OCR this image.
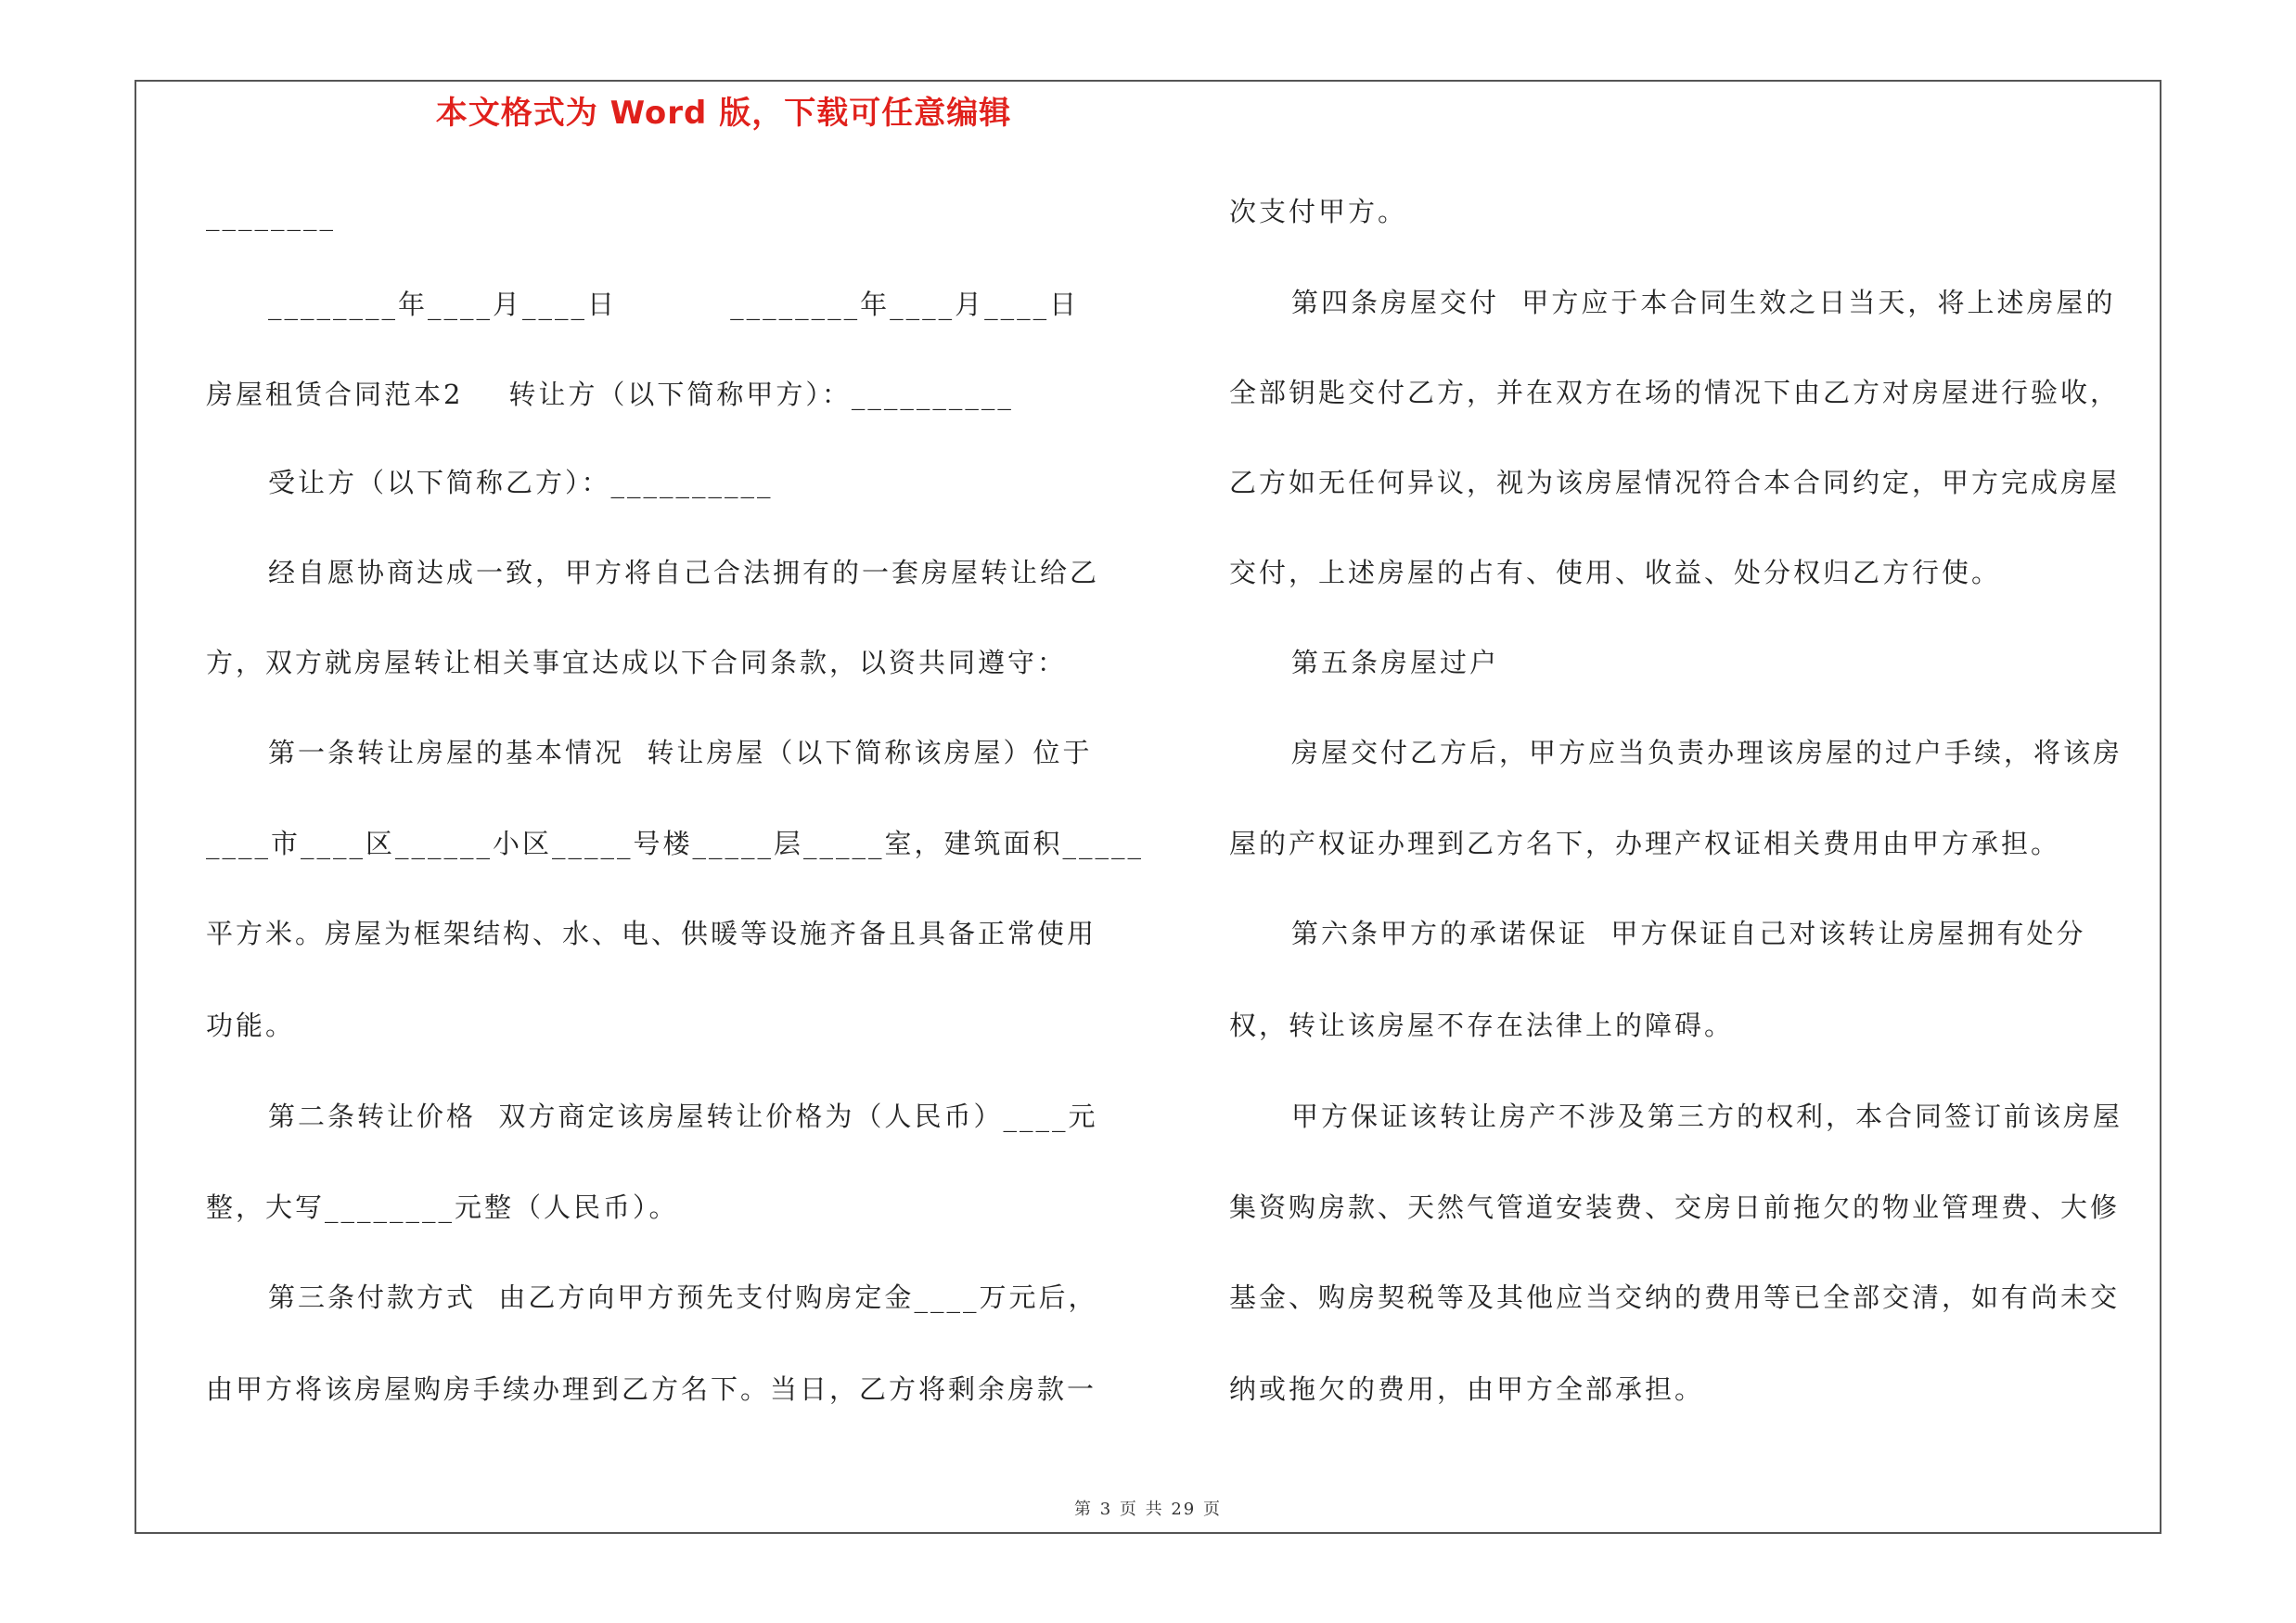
本文格式为 Word 版，下载可任意编辑
________
________年____月____日          ________年____月____日
房屋租赁合同范本2    转让方（以下简称甲方）：__________
受让方（以下简称乙方）：__________
经自愿协商达成一致，甲方将自己合法拥有的一套房屋转让给乙
方，双方就房屋转让相关事宜达成以下合同条款，以资共同遵守：
第一条转让房屋的基本情况  转让房屋（以下简称该房屋）位于
____市____区______小区_____号楼_____层_____室，建筑面积_____
平方米。房屋为框架结构、水、电、供暖等设施齐备且具备正常使用
功能。
第二条转让价格  双方商定该房屋转让价格为（人民币）____元
整，大写________元整（人民币）。
第三条付款方式  由乙方向甲方预先支付购房定金____万元后，
由甲方将该房屋购房手续办理到乙方名下。当日，乙方将剩余房款一
次支付甲方。
第四条房屋交付  甲方应于本合同生效之日当天，将上述房屋的
全部钥匙交付乙方，并在双方在场的情况下由乙方对房屋进行验收，
乙方如无任何异议，视为该房屋情况符合本合同约定，甲方完成房屋
交付，上述房屋的占有、使用、收益、处分权归乙方行使。
第五条房屋过户
房屋交付乙方后，甲方应当负责办理该房屋的过户手续，将该房
屋的产权证办理到乙方名下，办理产权证相关费用由甲方承担。
第六条甲方的承诺保证  甲方保证自己对该转让房屋拥有处分
权，转让该房屋不存在法律上的障碍。
甲方保证该转让房产不涉及第三方的权利，本合同签订前该房屋
集资购房款、天然气管道安装费、交房日前拖欠的物业管理费、大修
基金、购房契税等及其他应当交纳的费用等已全部交清，如有尚未交
纳或拖欠的费用，由甲方全部承担。
第 3 页 共 29 页
